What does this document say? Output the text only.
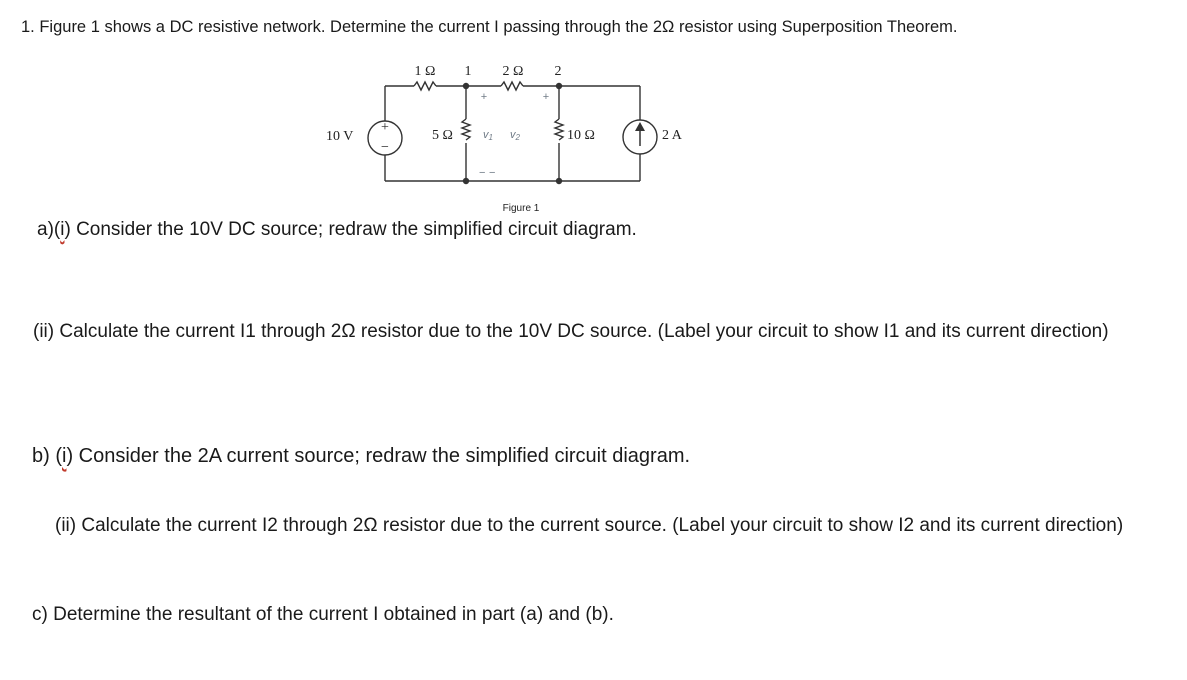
1. Figure 1 shows a DC resistive network. Determine the current I passing through the 2Ω resistor using Superposition Theorem.

1 Ω 1 2 Ω 2
10 V
+
−
5 Ω	10 Ω	2 A
+	+
− −
v1 v2
Figure 1

a)(i) Consider the 10V DC source; redraw the simplified circuit diagram.

(ii) Calculate the current I1 through 2Ω resistor due to the 10V DC source. (Label your circuit to show I1 and its current direction)

b) (i) Consider the 2A current source; redraw the simplified circuit diagram.

(ii) Calculate the current I2 through 2Ω resistor due to the current source. (Label your circuit to show I2 and its current direction)

c) Determine the resultant of the current I obtained in part (a) and (b).
